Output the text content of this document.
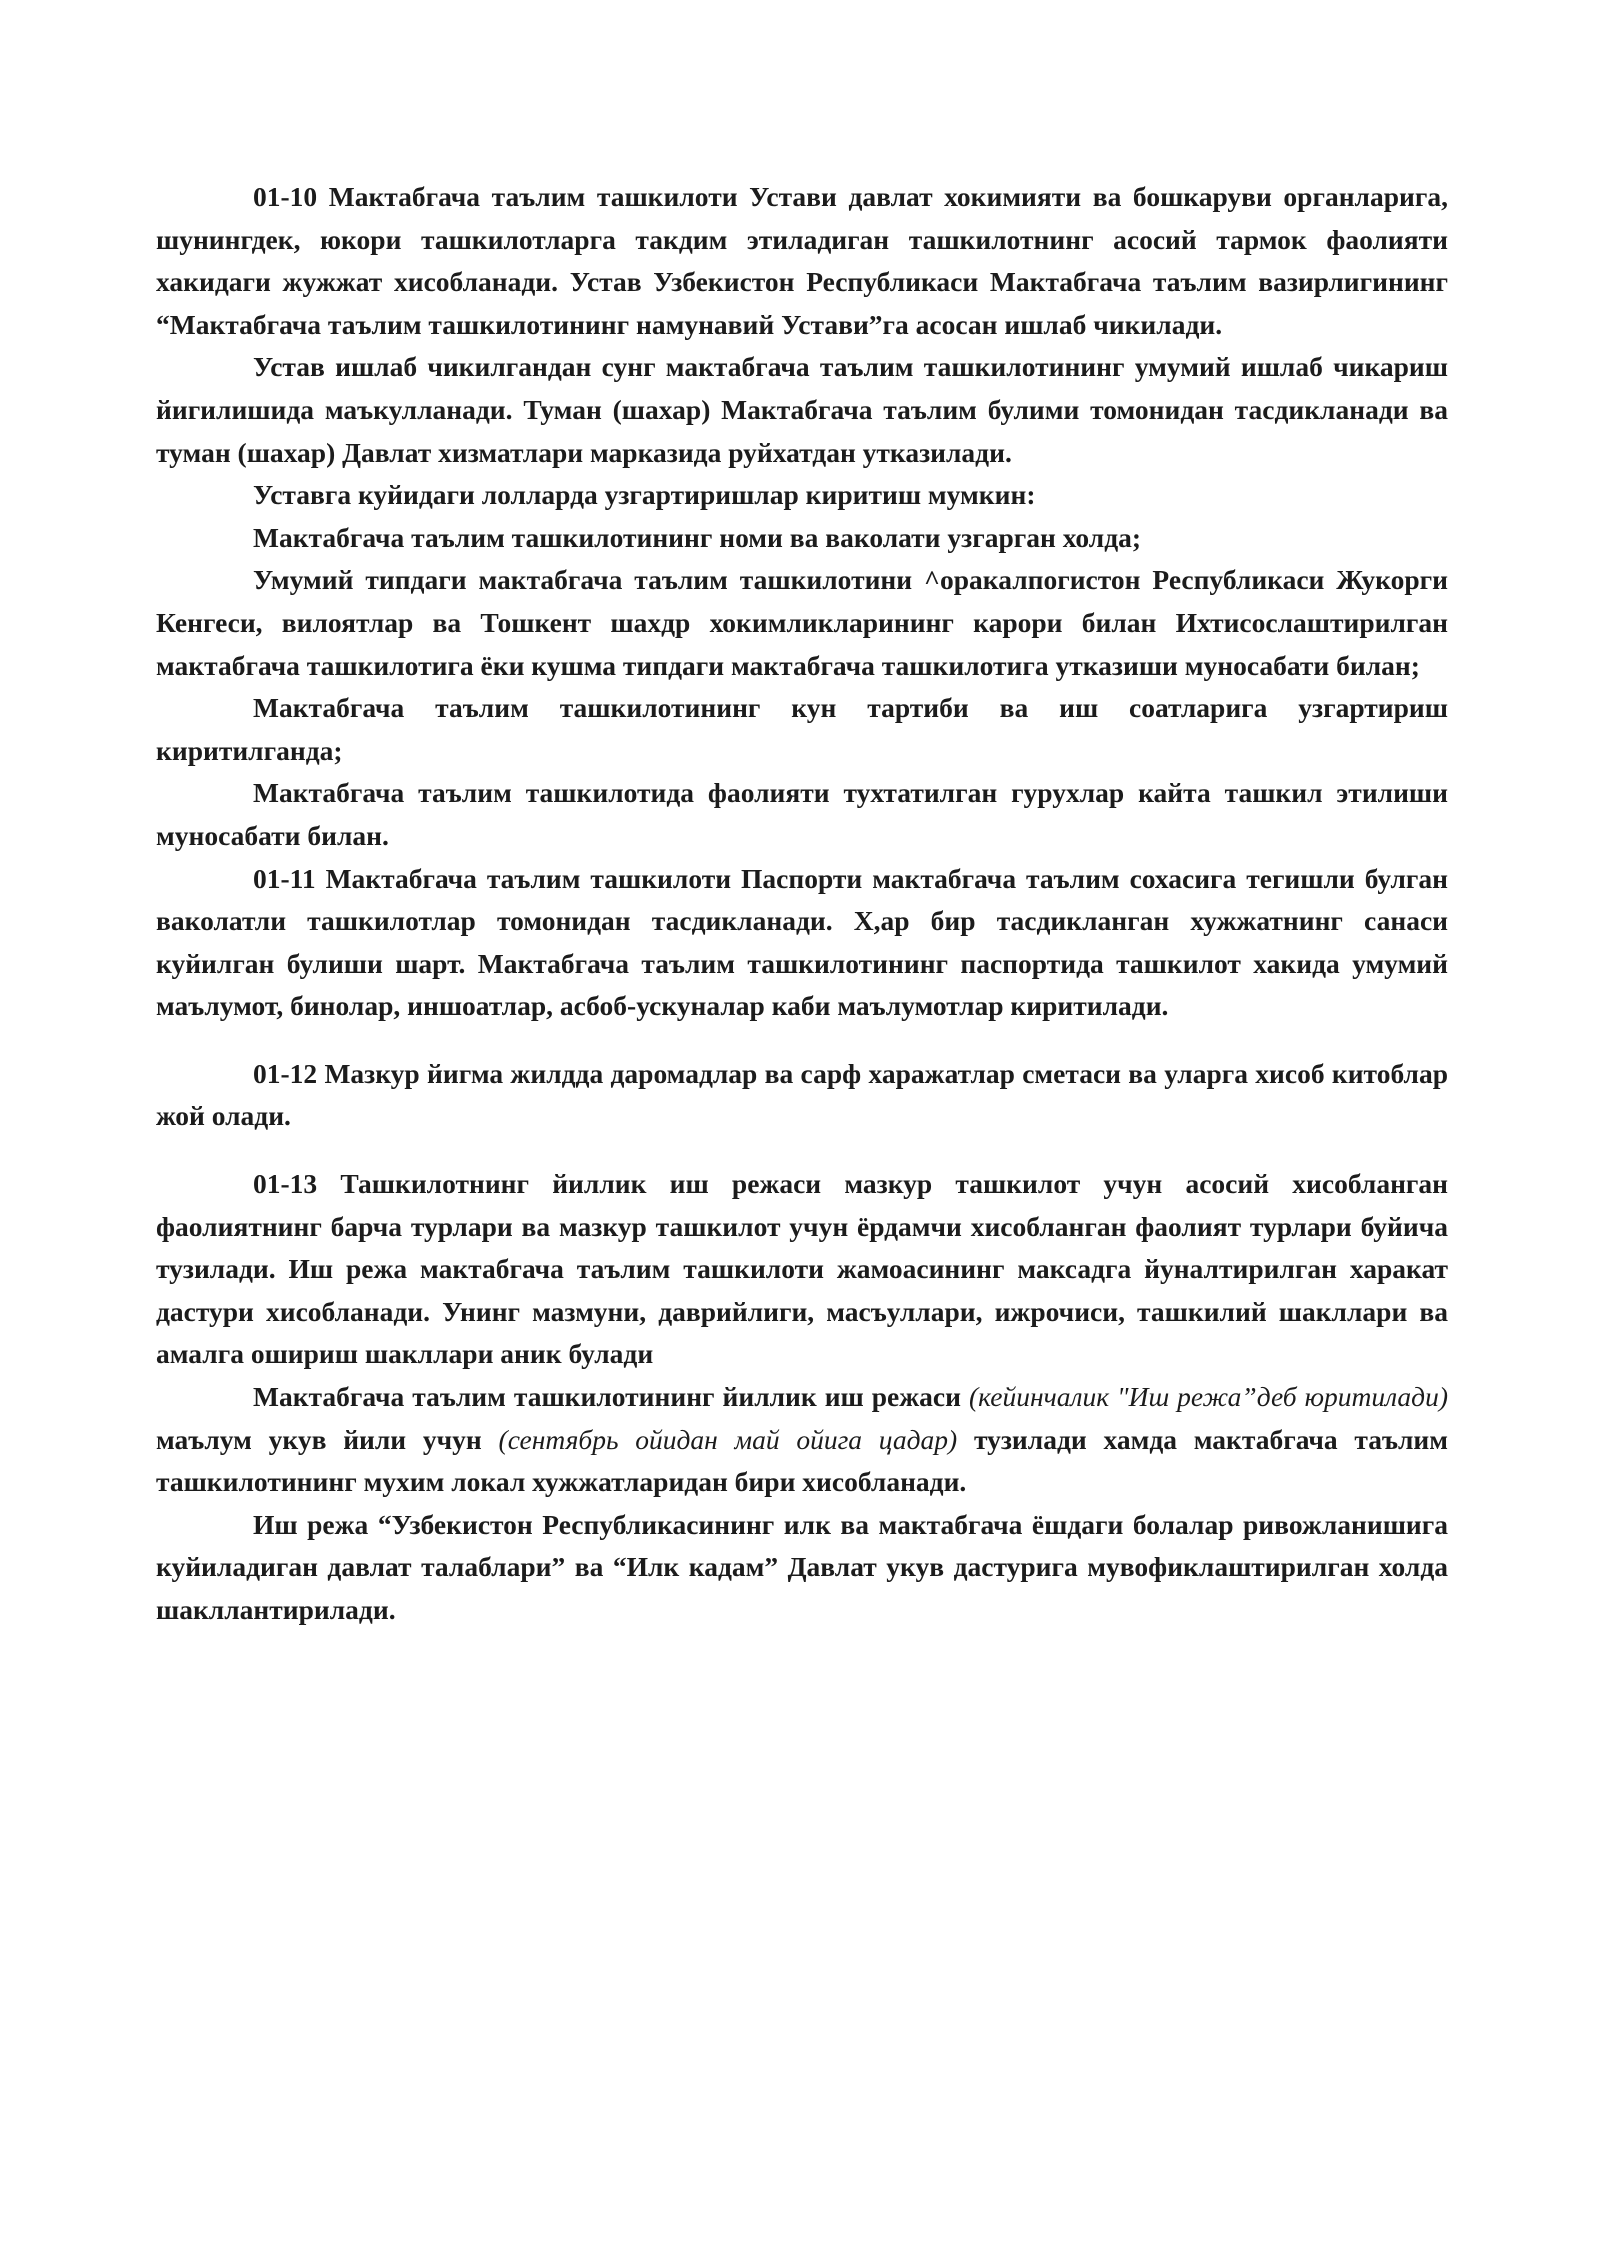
01-10 Мактабгача таълим ташкилоти Устави давлат хокимияти ва бошкаруви органларига, шунингдек, юкори ташкилотларга такдим этиладиган ташкилотнинг асосий тармок фаолияти хакидаги жужжат хисобланади. Устав Узбекистон Республикаси Мактабгача таълим вазирлигининг “Мактабгача таълим ташкилотининг намунавий Устави”га асосан ишлаб чикилади.

Устав ишлаб чикилгандан сунг мактабгача таълим ташкилотининг умумий ишлаб чикариш йигилишида маъкулланади. Туман (шахар) Мактабгача таълим булими томонидан тасдикланади ва туман (шахар) Давлат хизматлари марказида руйхатдан утказилади.

Уставга куйидаги лолларда узгартиришлар киритиш мумкин:

Мактабгача таълим ташкилотининг номи ва ваколати узгарган холда;

Умумий типдаги мактабгача таълим ташкилотини ^оракалпогистон Республикаси Жукорги Кенгеси, вилоятлар ва Тошкент шахдр хокимликларининг карори билан Ихтисослаштирилган мактабгача ташкилотига ёки кушма типдаги мактабгача ташкилотига утказиши муносабати билан;

Мактабгача таълим ташкилотининг кун тартиби ва иш соатларига узгартириш киритилганда;

Мактабгача таълим ташкилотида фаолияти тухтатилган гурухлар кайта ташкил этилиши муносабати билан.

01-11 Мактабгача таълим ташкилоти Паспорти мактабгача таълим сохасига тегишли булган ваколатли ташкилотлар томонидан тасдикланади. Х,ар бир тасдикланган хужжатнинг санаси куйилган булиши шарт. Мактабгача таълим ташкилотининг паспортида ташкилот хакида умумий маълумот, бинолар, иншоатлар, асбоб-ускуналар каби маълумотлар киритилади.

01-12 Мазкур йигма жилдда даромадлар ва сарф харажатлар сметаси ва уларга хисоб китоблар жой олади.

01-13 Ташкилотнинг йиллик иш режаси мазкур ташкилот учун асосий хисобланган фаолиятнинг барча турлари ва мазкур ташкилот учун ёрдамчи хисобланган фаолият турлари буйича тузилади. Иш режа мактабгача таълим ташкилоти жамоасининг максадга йуналтирилган харакат дастури хисобланади. Унинг мазмуни, даврийлиги, масъуллари, ижрочиси, ташкилий шакллари ва амалга ошириш шакллари аник булади

Мактабгача таълим ташкилотининг йиллик иш режаси (кейинчалик "Иш режа”деб юритилади) маълум укув йили учун (сентябрь ойидан май ойига цадар) тузилади хамда мактабгача таълим ташкилотининг мухим локал хужжатларидан бири хисобланади.

Иш режа “Узбекистон Республикасининг илк ва мактабгача ёшдаги болалар ривожланишига куйиладиган давлат талаблари” ва “Илк кадам” Давлат укув дастурига мувофиклаштирилган холда шакллантирилади.
